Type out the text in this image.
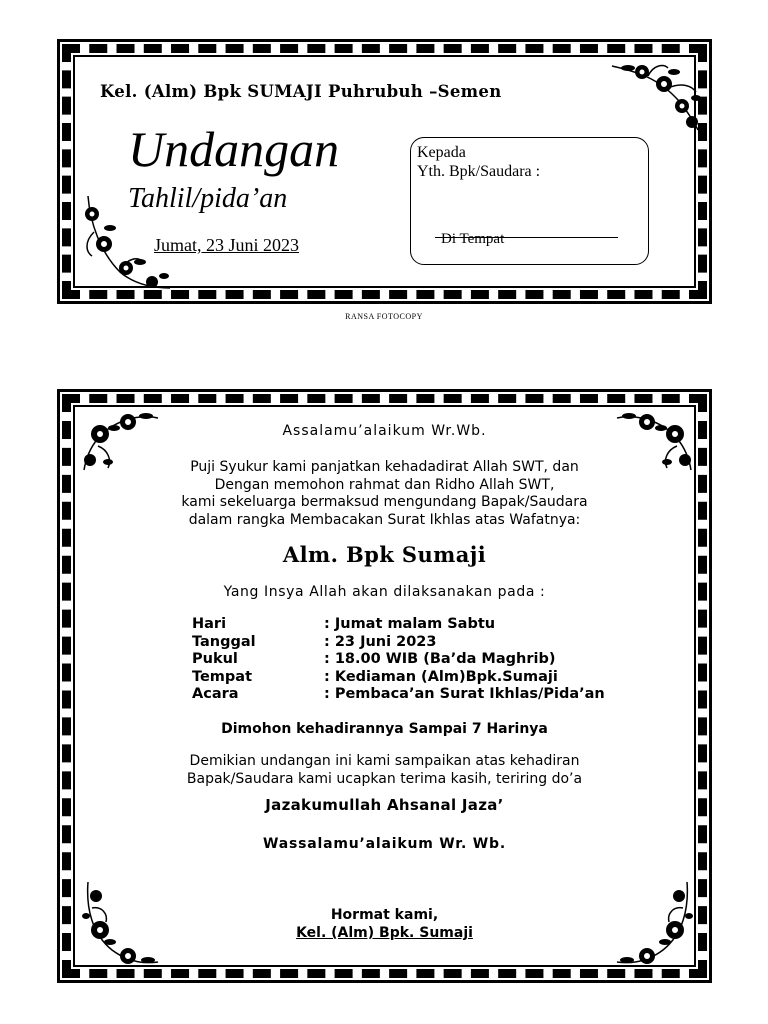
Kel. (Alm) Bpk SUMAJI Puhrubuh –Semen
Undangan
Tahlil/pida’an
Jumat, 23 Juni 2023
Kepada
Yth. Bpk/Saudara :
Di Tempat
RANSA FOTOCOPY
Assalamu’alaikum Wr.Wb.
Puji Syukur kami panjatkan kehadadirat Allah SWT, dan
Dengan memohon rahmat dan Ridho Allah SWT,
kami sekeluarga bermaksud mengundang Bapak/Saudara
dalam rangka Membacakan Surat Ikhlas atas Wafatnya:
Alm. Bpk Sumaji
Yang Insya Allah akan dilaksanakan pada :
Hari	: Jumat malam Sabtu
Tanggal	: 23 Juni 2023
Pukul	: 18.00 WIB (Ba’da Maghrib)
Tempat	: Kediaman (Alm)Bpk.Sumaji
Acara	: Pembaca’an Surat Ikhlas/Pida’an
Dimohon kehadirannya Sampai 7 Harinya
Demikian undangan ini kami sampaikan atas kehadiran
Bapak/Saudara kami ucapkan terima kasih, teriring do’a
Jazakumullah Ahsanal Jaza’
Wassalamu’alaikum Wr. Wb.
Hormat kami,
Kel. (Alm) Bpk. Sumaji
